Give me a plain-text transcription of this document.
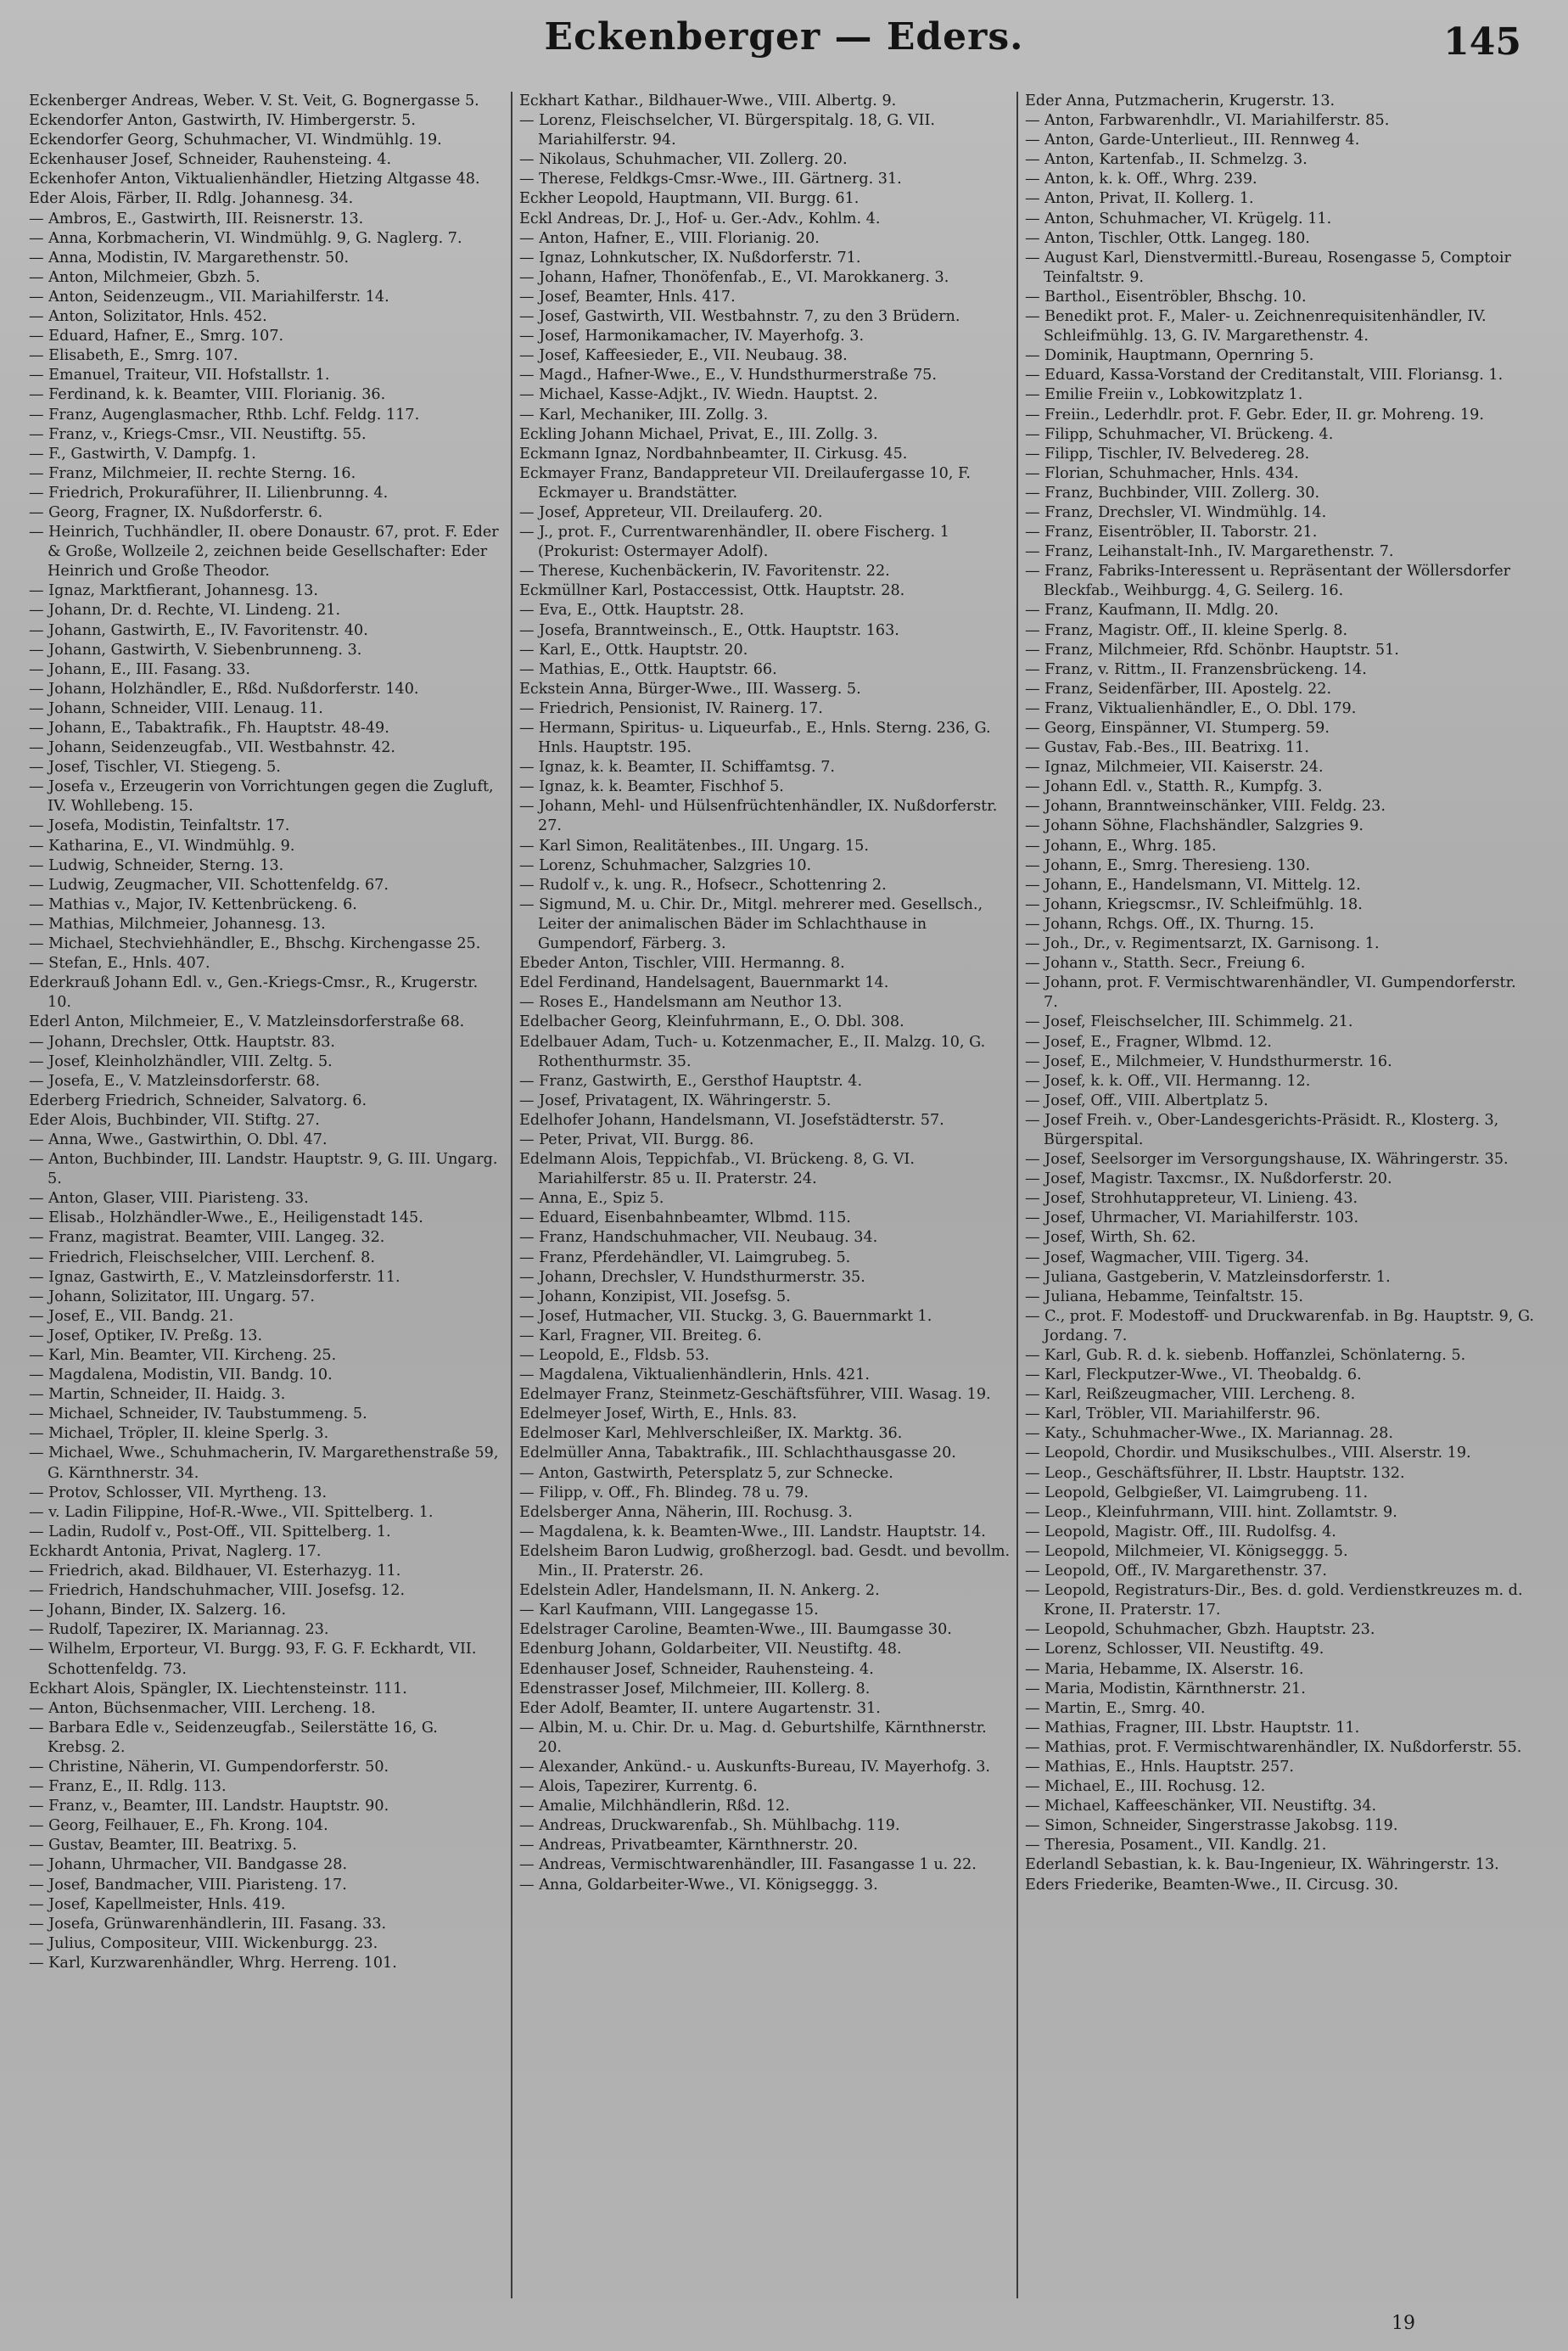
Eckenberger — Eders.	145

Eckenberger Andreas, Weber. V. St. Veit, G. Bognergasse 5.

Eckendorfer Anton, Gastwirth, IV. Himbergerstr. 5.

Eckendorfer Georg, Schuhmacher, VI. Windmühlg. 19.

Eckenhauser Josef, Schneider, Rauhensteing. 4.

Eckenhofer Anton, Viktualienhändler, Hietzing Altgasse 48.

Eder Alois, Färber, II. Rdlg. Johannesg. 34.

— Ambros, E., Gastwirth, III. Reisnerstr. 13.

— Anna, Korbmacherin, VI. Windmühlg. 9, G. Naglerg. 7.

— Anna, Modistin, IV. Margarethenstr. 50.

— Anton, Milchmeier, Gbzh. 5.

— Anton, Seidenzeugm., VII. Mariahilferstr. 14.

— Anton, Solizitator, Hnls. 452.

— Eduard, Hafner, E., Smrg. 107.

— Elisabeth, E., Smrg. 107.

— Emanuel, Traiteur, VII. Hofstallstr. 1.

— Ferdinand, k. k. Beamter, VIII. Florianig. 36.

— Franz, Augenglasmacher, Rthb. Lchf. Feldg. 117.

— Franz, v., Kriegs-Cmsr., VII. Neustiftg. 55.

— F., Gastwirth, V. Dampfg. 1.

— Franz, Milchmeier, II. rechte Sterng. 16.

— Friedrich, Prokuraführer, II. Lilienbrunng. 4.

— Georg, Fragner, IX. Nußdorferstr. 6.

— Heinrich, Tuchhändler, II. obere Donaustr. 67, prot. F. Eder & Große, Wollzeile 2, zeichnen beide Gesellschafter: Eder Heinrich und Große Theodor.

— Ignaz, Marktfierant, Johannesg. 13.

— Johann, Dr. d. Rechte, VI. Lindeng. 21.

— Johann, Gastwirth, E., IV. Favoritenstr. 40.

— Johann, Gastwirth, V. Siebenbrunneng. 3.

— Johann, E., III. Fasang. 33.

— Johann, Holzhändler, E., Rßd. Nußdorferstr. 140.

— Johann, Schneider, VIII. Lenaug. 11.

— Johann, E., Tabaktrafik., Fh. Hauptstr. 48-49.

— Johann, Seidenzeugfab., VII. Westbahnstr. 42.

— Josef, Tischler, VI. Stiegeng. 5.

— Josefa v., Erzeugerin von Vorrichtungen gegen die Zugluft, IV. Wohllebeng. 15.

— Josefa, Modistin, Teinfaltstr. 17.

— Katharina, E., VI. Windmühlg. 9.

— Ludwig, Schneider, Sterng. 13.

— Ludwig, Zeugmacher, VII. Schottenfeldg. 67.

— Mathias v., Major, IV. Kettenbrückeng. 6.

— Mathias, Milchmeier, Johannesg. 13.

— Michael, Stechviehhändler, E., Bhschg. Kirchengasse 25.

— Stefan, E., Hnls. 407.

Ederkrauß Johann Edl. v., Gen.-Kriegs-Cmsr., R., Krugerstr. 10.

Ederl Anton, Milchmeier, E., V. Matzleinsdorferstraße 68.

— Johann, Drechsler, Ottk. Hauptstr. 83.

— Josef, Kleinholzhändler, VIII. Zeltg. 5.

— Josefa, E., V. Matzleinsdorferstr. 68.

Ederberg Friedrich, Schneider, Salvatorg. 6.

Eder Alois, Buchbinder, VII. Stiftg. 27.

— Anna, Wwe., Gastwirthin, O. Dbl. 47.

— Anton, Buchbinder, III. Landstr. Hauptstr. 9, G. III. Ungarg. 5.

— Anton, Glaser, VIII. Piaristeng. 33.

— Elisab., Holzhändler-Wwe., E., Heiligenstadt 145.

— Franz, magistrat. Beamter, VIII. Langeg. 32.

— Friedrich, Fleischselcher, VIII. Lerchenf. 8.

— Ignaz, Gastwirth, E., V. Matzleinsdorferstr. 11.

— Johann, Solizitator, III. Ungarg. 57.

— Josef, E., VII. Bandg. 21.

— Josef, Optiker, IV. Preßg. 13.

— Karl, Min. Beamter, VII. Kircheng. 25.

— Magdalena, Modistin, VII. Bandg. 10.

— Martin, Schneider, II. Haidg. 3.

— Michael, Schneider, IV. Taubstummeng. 5.

— Michael, Tröpler, II. kleine Sperlg. 3.

— Michael, Wwe., Schuhmacherin, IV. Margarethenstraße 59, G. Kärnthnerstr. 34.

— Protov, Schlosser, VII. Myrtheng. 13.

— v. Ladin Filippine, Hof-R.-Wwe., VII. Spittelberg. 1.

— Ladin, Rudolf v., Post-Off., VII. Spittelberg. 1.

Eckhardt Antonia, Privat, Naglerg. 17.

— Friedrich, akad. Bildhauer, VI. Esterhazyg. 11.

— Friedrich, Handschuhmacher, VIII. Josefsg. 12.

— Johann, Binder, IX. Salzerg. 16.

— Rudolf, Tapezirer, IX. Mariannag. 23.

— Wilhelm, Erporteur, VI. Burgg. 93, F. G. F. Eckhardt, VII. Schottenfeldg. 73.

Eckhart Alois, Spängler, IX. Liechtensteinstr. 111.

— Anton, Büchsenmacher, VIII. Lercheng. 18.

— Barbara Edle v., Seidenzeugfab., Seilerstätte 16, G. Krebsg. 2.

— Christine, Näherin, VI. Gumpendorferstr. 50.

— Franz, E., II. Rdlg. 113.

— Franz, v., Beamter, III. Landstr. Hauptstr. 90.

— Georg, Feilhauer, E., Fh. Krong. 104.

— Gustav, Beamter, III. Beatrixg. 5.

— Johann, Uhrmacher, VII. Bandgasse 28.

— Josef, Bandmacher, VIII. Piaristeng. 17.

— Josef, Kapellmeister, Hnls. 419.

— Josefa, Grünwarenhändlerin, III. Fasang. 33.

— Julius, Compositeur, VIII. Wickenburgg. 23.

— Karl, Kurzwarenhändler, Whrg. Herreng. 101.

Eckhart Kathar., Bildhauer-Wwe., VIII. Albertg. 9.

— Lorenz, Fleischselcher, VI. Bürgerspitalg. 18, G. VII. Mariahilferstr. 94.

— Nikolaus, Schuhmacher, VII. Zollerg. 20.

— Therese, Feldkgs-Cmsr.-Wwe., III. Gärtnerg. 31.

Eckher Leopold, Hauptmann, VII. Burgg. 61.

Eckl Andreas, Dr. J., Hof- u. Ger.-Adv., Kohlm. 4.

— Anton, Hafner, E., VIII. Florianig. 20.

— Ignaz, Lohnkutscher, IX. Nußdorferstr. 71.

— Johann, Hafner, Thonöfenfab., E., VI. Marokkanerg. 3.

— Josef, Beamter, Hnls. 417.

— Josef, Gastwirth, VII. Westbahnstr. 7, zu den 3 Brüdern.

— Josef, Harmonikamacher, IV. Mayerhofg. 3.

— Josef, Kaffeesieder, E., VII. Neubaug. 38.

— Magd., Hafner-Wwe., E., V. Hundsthurmerstraße 75.

— Michael, Kasse-Adjkt., IV. Wiedn. Hauptst. 2.

— Karl, Mechaniker, III. Zollg. 3.

Eckling Johann Michael, Privat, E., III. Zollg. 3.

Eckmann Ignaz, Nordbahnbeamter, II. Cirkusg. 45.

Eckmayer Franz, Bandappreteur VII. Dreilaufergasse 10, F. Eckmayer u. Brandstätter.

— Josef, Appreteur, VII. Dreilauferg. 20.

— J., prot. F., Currentwarenhändler, II. obere Fischerg. 1 (Prokurist: Ostermayer Adolf).

— Therese, Kuchenbäckerin, IV. Favoritenstr. 22.

Eckmüllner Karl, Postaccessist, Ottk. Hauptstr. 28.

— Eva, E., Ottk. Hauptstr. 28.

— Josefa, Branntweinsch., E., Ottk. Hauptstr. 163.

— Karl, E., Ottk. Hauptstr. 20.

— Mathias, E., Ottk. Hauptstr. 66.

Eckstein Anna, Bürger-Wwe., III. Wasserg. 5.

— Friedrich, Pensionist, IV. Rainerg. 17.

— Hermann, Spiritus- u. Liqueurfab., E., Hnls. Sterng. 236, G. Hnls. Hauptstr. 195.

— Ignaz, k. k. Beamter, II. Schiffamtsg. 7.

— Ignaz, k. k. Beamter, Fischhof 5.

— Johann, Mehl- und Hülsenfrüchtenhändler, IX. Nußdorferstr. 27.

— Karl Simon, Realitätenbes., III. Ungarg. 15.

— Lorenz, Schuhmacher, Salzgries 10.

— Rudolf v., k. ung. R., Hofsecr., Schottenring 2.

— Sigmund, M. u. Chir. Dr., Mitgl. mehrerer med. Gesellsch., Leiter der animalischen Bäder im Schlachthause in Gumpendorf, Färberg. 3.

Ebeder Anton, Tischler, VIII. Hermanng. 8.

Edel Ferdinand, Handelsagent, Bauernmarkt 14.

— Roses E., Handelsmann am Neuthor 13.

Edelbacher Georg, Kleinfuhrmann, E., O. Dbl. 308.

Edelbauer Adam, Tuch- u. Kotzenmacher, E., II. Malzg. 10, G. Rothenthurmstr. 35.

— Franz, Gastwirth, E., Gersthof Hauptstr. 4.

— Josef, Privatagent, IX. Währingerstr. 5.

Edelhofer Johann, Handelsmann, VI. Josefstädterstr. 57.

— Peter, Privat, VII. Burgg. 86.

Edelmann Alois, Teppichfab., VI. Brückeng. 8, G. VI. Mariahilferstr. 85 u. II. Praterstr. 24.

— Anna, E., Spiz 5.

— Eduard, Eisenbahnbeamter, Wlbmd. 115.

— Franz, Handschuhmacher, VII. Neubaug. 34.

— Franz, Pferdehändler, VI. Laimgrubeg. 5.

— Johann, Drechsler, V. Hundsthurmerstr. 35.

— Johann, Konzipist, VII. Josefsg. 5.

— Josef, Hutmacher, VII. Stuckg. 3, G. Bauernmarkt 1.

— Karl, Fragner, VII. Breiteg. 6.

— Leopold, E., Fldsb. 53.

— Magdalena, Viktualienhändlerin, Hnls. 421.

Edelmayer Franz, Steinmetz-Geschäftsführer, VIII. Wasag. 19.

Edelmeyer Josef, Wirth, E., Hnls. 83.

Edelmoser Karl, Mehlverschleißer, IX. Marktg. 36.

Edelmüller Anna, Tabaktrafik., III. Schlachthausgasse 20.

— Anton, Gastwirth, Petersplatz 5, zur Schnecke.

— Filipp, v. Off., Fh. Blindeg. 78 u. 79.

Edelsberger Anna, Näherin, III. Rochusg. 3.

— Magdalena, k. k. Beamten-Wwe., III. Landstr. Hauptstr. 14.

Edelsheim Baron Ludwig, großherzogl. bad. Gesdt. und bevollm. Min., II. Praterstr. 26.

Edelstein Adler, Handelsmann, II. N. Ankerg. 2.

— Karl Kaufmann, VIII. Langegasse 15.

Edelstrager Caroline, Beamten-Wwe., III. Baumgasse 30.

Edenburg Johann, Goldarbeiter, VII. Neustiftg. 48.

Edenhauser Josef, Schneider, Rauhensteing. 4.

Edenstrasser Josef, Milchmeier, III. Kollerg. 8.

Eder Adolf, Beamter, II. untere Augartenstr. 31.

— Albin, M. u. Chir. Dr. u. Mag. d. Geburtshilfe, Kärnthnerstr. 20.

— Alexander, Ankünd.- u. Auskunfts-Bureau, IV. Mayerhofg. 3.

— Alois, Tapezirer, Kurrentg. 6.

— Amalie, Milchhändlerin, Rßd. 12.

— Andreas, Druckwarenfab., Sh. Mühlbachg. 119.

— Andreas, Privatbeamter, Kärnthnerstr. 20.

— Andreas, Vermischtwarenhändler, III. Fasangasse 1 u. 22.

— Anna, Goldarbeiter-Wwe., VI. Königseggg. 3.

Eder Anna, Putzmacherin, Krugerstr. 13.

— Anton, Farbwarenhdlr., VI. Mariahilferstr. 85.

— Anton, Garde-Unterlieut., III. Rennweg 4.

— Anton, Kartenfab., II. Schmelzg. 3.

— Anton, k. k. Off., Whrg. 239.

— Anton, Privat, II. Kollerg. 1.

— Anton, Schuhmacher, VI. Krügelg. 11.

— Anton, Tischler, Ottk. Langeg. 180.

— August Karl, Dienstvermittl.-Bureau, Rosengasse 5, Comptoir Teinfaltstr. 9.

— Barthol., Eisentröbler, Bhschg. 10.

— Benedikt prot. F., Maler- u. Zeichnenrequisitenhändler, IV. Schleifmühlg. 13, G. IV. Margarethenstr. 4.

— Dominik, Hauptmann, Opernring 5.

— Eduard, Kassa-Vorstand der Creditanstalt, VIII. Floriansg. 1.

— Emilie Freiin v., Lobkowitzplatz 1.

— Freiin., Lederhdlr. prot. F. Gebr. Eder, II. gr. Mohreng. 19.

— Filipp, Schuhmacher, VI. Brückeng. 4.

— Filipp, Tischler, IV. Belvedereg. 28.

— Florian, Schuhmacher, Hnls. 434.

— Franz, Buchbinder, VIII. Zollerg. 30.

— Franz, Drechsler, VI. Windmühlg. 14.

— Franz, Eisentröbler, II. Taborstr. 21.

— Franz, Leihanstalt-Inh., IV. Margarethenstr. 7.

— Franz, Fabriks-Interessent u. Repräsentant der Wöllersdorfer Bleckfab., Weihburgg. 4, G. Seilerg. 16.

— Franz, Kaufmann, II. Mdlg. 20.

— Franz, Magistr. Off., II. kleine Sperlg. 8.

— Franz, Milchmeier, Rfd. Schönbr. Hauptstr. 51.

— Franz, v. Rittm., II. Franzensbrückeng. 14.

— Franz, Seidenfärber, III. Apostelg. 22.

— Franz, Viktualienhändler, E., O. Dbl. 179.

— Georg, Einspänner, VI. Stumperg. 59.

— Gustav, Fab.-Bes., III. Beatrixg. 11.

— Ignaz, Milchmeier, VII. Kaiserstr. 24.

— Johann Edl. v., Statth. R., Kumpfg. 3.

— Johann, Branntweinschänker, VIII. Feldg. 23.

— Johann Söhne, Flachshändler, Salzgries 9.

— Johann, E., Whrg. 185.

— Johann, E., Smrg. Theresieng. 130.

— Johann, E., Handelsmann, VI. Mittelg. 12.

— Johann, Kriegscmsr., IV. Schleifmühlg. 18.

— Johann, Rchgs. Off., IX. Thurng. 15.

— Joh., Dr., v. Regimentsarzt, IX. Garnisong. 1.

— Johann v., Statth. Secr., Freiung 6.

— Johann, prot. F. Vermischtwarenhändler, VI. Gumpendorferstr. 7.

— Josef, Fleischselcher, III. Schimmelg. 21.

— Josef, E., Fragner, Wlbmd. 12.

— Josef, E., Milchmeier, V. Hundsthurmerstr. 16.

— Josef, k. k. Off., VII. Hermanng. 12.

— Josef, Off., VIII. Albertplatz 5.

— Josef Freih. v., Ober-Landesgerichts-Präsidt. R., Klosterg. 3, Bürgerspital.

— Josef, Seelsorger im Versorgungshause, IX. Währingerstr. 35.

— Josef, Magistr. Taxcmsr., IX. Nußdorferstr. 20.

— Josef, Strohhutappreteur, VI. Linieng. 43.

— Josef, Uhrmacher, VI. Mariahilferstr. 103.

— Josef, Wirth, Sh. 62.

— Josef, Wagmacher, VIII. Tigerg. 34.

— Juliana, Gastgeberin, V. Matzleinsdorferstr. 1.

— Juliana, Hebamme, Teinfaltstr. 15.

— C., prot. F. Modestoff- und Druckwarenfab. in Bg. Hauptstr. 9, G. Jordang. 7.

— Karl, Gub. R. d. k. siebenb. Hoffanzlei, Schönlaterng. 5.

— Karl, Fleckputzer-Wwe., VI. Theobaldg. 6.

— Karl, Reißzeugmacher, VIII. Lercheng. 8.

— Karl, Tröbler, VII. Mariahilferstr. 96.

— Katy., Schuhmacher-Wwe., IX. Mariannag. 28.

— Leopold, Chordir. und Musikschulbes., VIII. Alserstr. 19.

— Leop., Geschäftsführer, II. Lbstr. Hauptstr. 132.

— Leopold, Gelbgießer, VI. Laimgrubeng. 11.

— Leop., Kleinfuhrmann, VIII. hint. Zollamtstr. 9.

— Leopold, Magistr. Off., III. Rudolfsg. 4.

— Leopold, Milchmeier, VI. Königseggg. 5.

— Leopold, Off., IV. Margarethenstr. 37.

— Leopold, Registraturs-Dir., Bes. d. gold. Verdienstkreuzes m. d. Krone, II. Praterstr. 17.

— Leopold, Schuhmacher, Gbzh. Hauptstr. 23.

— Lorenz, Schlosser, VII. Neustiftg. 49.

— Maria, Hebamme, IX. Alserstr. 16.

— Maria, Modistin, Kärnthnerstr. 21.

— Martin, E., Smrg. 40.

— Mathias, Fragner, III. Lbstr. Hauptstr. 11.

— Mathias, prot. F. Vermischtwarenhändler, IX. Nußdorferstr. 55.

— Mathias, E., Hnls. Hauptstr. 257.

— Michael, E., III. Rochusg. 12.

— Michael, Kaffeeschänker, VII. Neustiftg. 34.

— Simon, Schneider, Singerstrasse Jakobsg. 119.

— Theresia, Posament., VII. Kandlg. 21.

Ederlandl Sebastian, k. k. Bau-Ingenieur, IX. Währingerstr. 13.

Eders Friederike, Beamten-Wwe., II. Circusg. 30.

19
